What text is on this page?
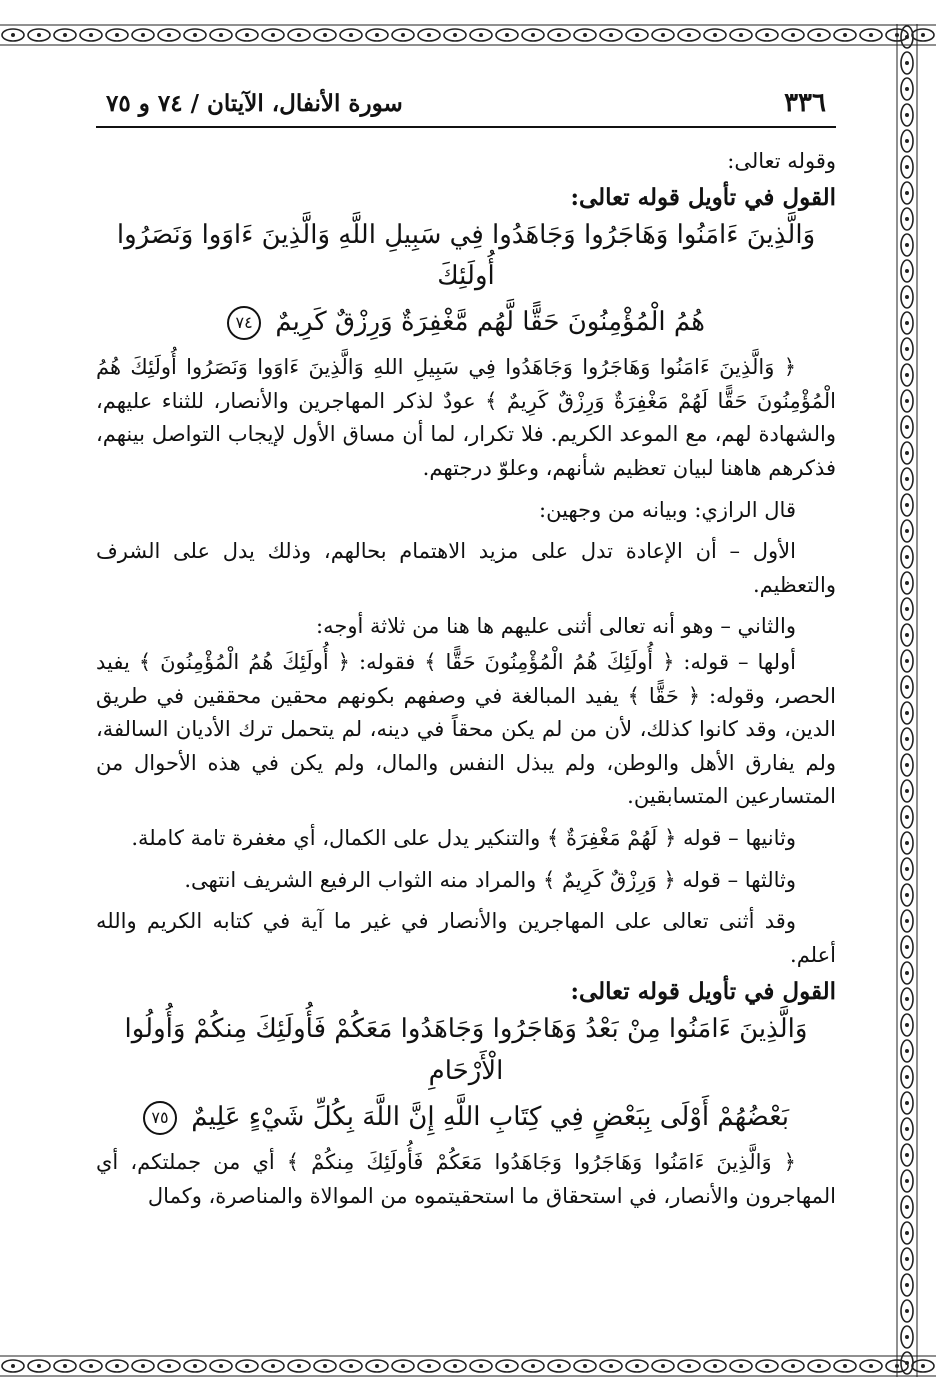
٣٣٦
سورة الأنفال، الآيتان / ٧٤ و ٧٥

وقوله تعالى:

القول في تأويل قوله تعالى:

وَالَّذِينَ ءَامَنُوا وَهَاجَرُوا وَجَاهَدُوا فِي سَبِيلِ اللَّهِ وَالَّذِينَ ءَاوَوا وَنَصَرُوا أُولَئِكَ

هُمُ الْمُؤْمِنُونَ حَقًّا لَّهُم مَّغْفِرَةٌ وَرِزْقٌ كَرِيمٌ ٧٤

﴿ وَالَّذِينَ ءَامَنُوا وَهَاجَرُوا وَجَاهَدُوا فِي سَبِيلِ اللهِ وَالَّذِينَ ءَاوَوا وَنَصَرُوا أُولَئِكَ هُمُ الْمُؤْمِنُونَ حَقًّا لَهُمْ مَغْفِرَةٌ وَرِزْقٌ كَرِيمٌ ﴾ عودٌ لذكر المهاجرين والأنصار، للثناء عليهم، والشهادة لهم، مع الموعد الكريم. فلا تكرار، لما أن مساق الأول لإيجاب التواصل بينهم، فذكرهم هاهنا لبيان تعظيم شأنهم، وعلوّ درجتهم.

قال الرازي: وبيانه من وجهين:

الأول – أن الإعادة تدل على مزيد الاهتمام بحالهم، وذلك يدل على الشرف والتعظيم.

والثاني – وهو أنه تعالى أثنى عليهم ها هنا من ثلاثة أوجه:

أولها – قوله: ﴿ أُولَئِكَ هُمُ الْمُؤْمِنُونَ حَقًّا ﴾ فقوله: ﴿ أُولَئِكَ هُمُ الْمُؤْمِنُونَ ﴾ يفيد الحصر، وقوله: ﴿ حَقًّا ﴾ يفيد المبالغة في وصفهم بكونهم محقين محققين في طريق الدين، وقد كانوا كذلك، لأن من لم يكن محقاً في دينه، لم يتحمل ترك الأديان السالفة، ولم يفارق الأهل والوطن، ولم يبذل النفس والمال، ولم يكن في هذه الأحوال من المتسارعين المتسابقين.

وثانيها – قوله ﴿ لَهُمْ مَغْفِرَةٌ ﴾ والتنكير يدل على الكمال، أي مغفرة تامة كاملة.

وثالثها – قوله ﴿ وَرِزْقٌ كَرِيمٌ ﴾ والمراد منه الثواب الرفيع الشريف انتهى.

وقد أثنى تعالى على المهاجرين والأنصار في غير ما آية في كتابه الكريم والله أعلم.

القول في تأويل قوله تعالى:

وَالَّذِينَ ءَامَنُوا مِنْ بَعْدُ وَهَاجَرُوا وَجَاهَدُوا مَعَكُمْ فَأُولَئِكَ مِنكُمْ وَأُولُوا الْأَرْحَامِ

بَعْضُهُمْ أَوْلَى بِبَعْضٍ فِي كِتَابِ اللَّهِ إِنَّ اللَّهَ بِكُلِّ شَيْءٍ عَلِيمٌ ٧٥

﴿ وَالَّذِينَ ءَامَنُوا وَهَاجَرُوا وَجَاهَدُوا مَعَكُمْ فَأُولَئِكَ مِنكُمْ ﴾ أي من جملتكم، أي المهاجرون والأنصار، في استحقاق ما استحقيتموه من الموالاة والمناصرة، وكمال
